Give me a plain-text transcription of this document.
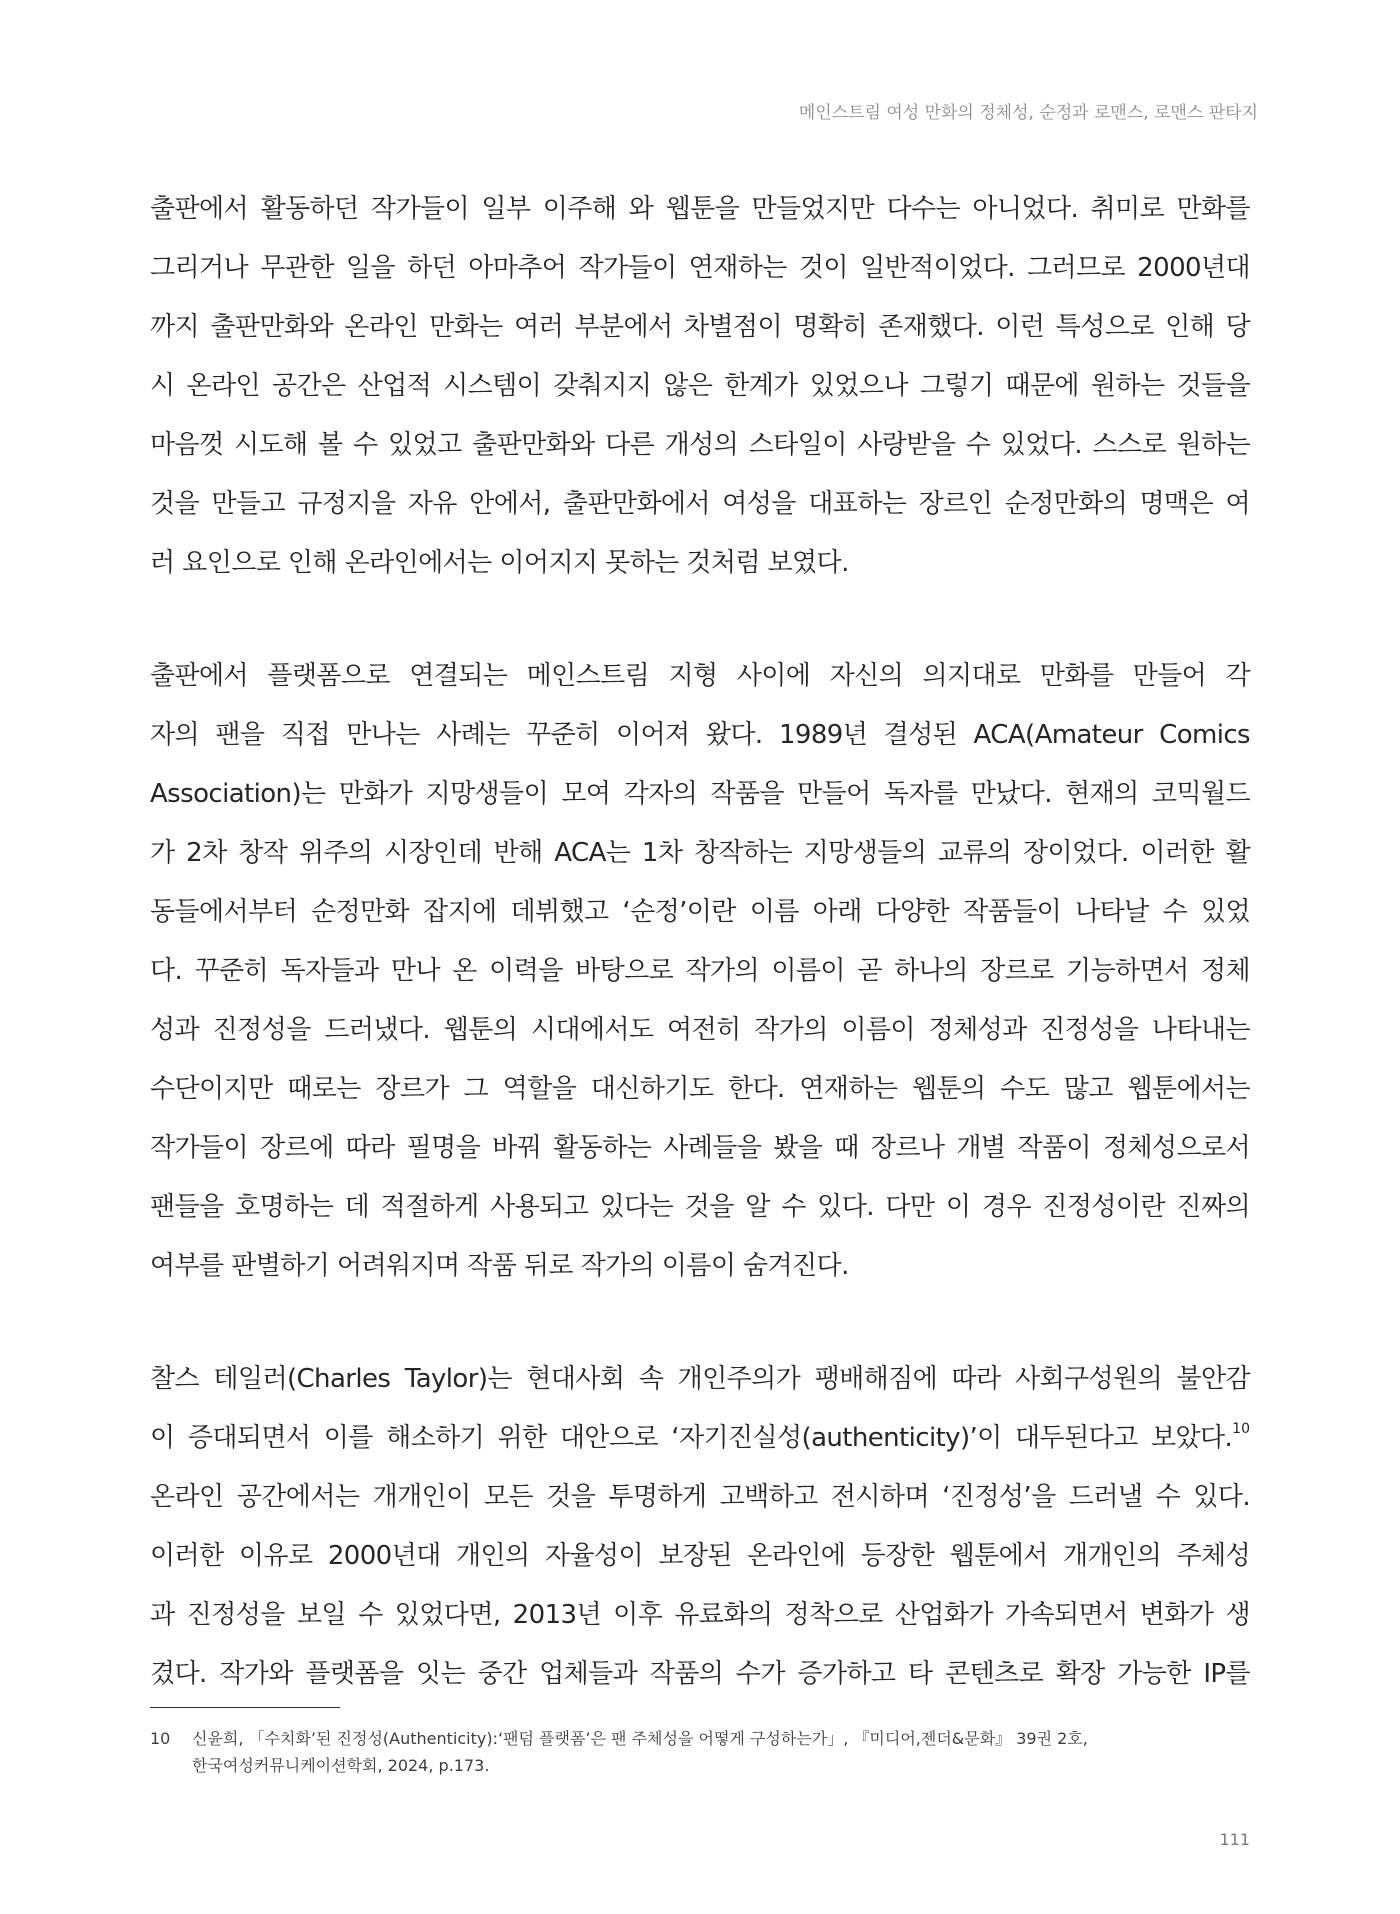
메인스트림 여성 만화의 정체성, 순정과 로맨스, 로맨스 판타지
출판에서 활동하던 작가들이 일부 이주해 와 웹툰을 만들었지만 다수는 아니었다. 취미로 만화를
그리거나 무관한 일을 하던 아마추어 작가들이 연재하는 것이 일반적이었다. 그러므로 2000년대
까지 출판만화와 온라인 만화는 여러 부분에서 차별점이 명확히 존재했다. 이런 특성으로 인해 당
시 온라인 공간은 산업적 시스템이 갖춰지지 않은 한계가 있었으나 그렇기 때문에 원하는 것들을
마음껏 시도해 볼 수 있었고 출판만화와 다른 개성의 스타일이 사랑받을 수 있었다. 스스로 원하는
것을 만들고 규정지을 자유 안에서, 출판만화에서 여성을 대표하는 장르인 순정만화의 명맥은 여
러 요인으로 인해 온라인에서는 이어지지 못하는 것처럼 보였다.
출판에서 플랫폼으로 연결되는 메인스트림 지형 사이에 자신의 의지대로 만화를 만들어 각
자의 팬을 직접 만나는 사례는 꾸준히 이어져 왔다. 1989년 결성된 ACA(Amateur Comics
Association)는 만화가 지망생들이 모여 각자의 작품을 만들어 독자를 만났다. 현재의 코믹월드
가 2차 창작 위주의 시장인데 반해 ACA는 1차 창작하는 지망생들의 교류의 장이었다. 이러한 활
동들에서부터 순정만화 잡지에 데뷔했고 ‘순정’이란 이름 아래 다양한 작품들이 나타날 수 있었
다. 꾸준히 독자들과 만나 온 이력을 바탕으로 작가의 이름이 곧 하나의 장르로 기능하면서 정체
성과 진정성을 드러냈다. 웹툰의 시대에서도 여전히 작가의 이름이 정체성과 진정성을 나타내는
수단이지만 때로는 장르가 그 역할을 대신하기도 한다. 연재하는 웹툰의 수도 많고 웹툰에서는
작가들이 장르에 따라 필명을 바꿔 활동하는 사례들을 봤을 때 장르나 개별 작품이 정체성으로서
팬들을 호명하는 데 적절하게 사용되고 있다는 것을 알 수 있다. 다만 이 경우 진정성이란 진짜의
여부를 판별하기 어려워지며 작품 뒤로 작가의 이름이 숨겨진다.
찰스 테일러(Charles Taylor)는 현대사회 속 개인주의가 팽배해짐에 따라 사회구성원의 불안감
이 증대되면서 이를 해소하기 위한 대안으로 ‘자기진실성(authenticity)’이 대두된다고 보았다.$^{10}$
온라인 공간에서는 개개인이 모든 것을 투명하게 고백하고 전시하며 ‘진정성’을 드러낼 수 있다.
이러한 이유로 2000년대 개인의 자율성이 보장된 온라인에 등장한 웹툰에서 개개인의 주체성
과 진정성을 보일 수 있었다면, 2013년 이후 유료화의 정착으로 산업화가 가속되면서 변화가 생
겼다. 작가와 플랫폼을 잇는 중간 업체들과 작품의 수가 증가하고 타 콘텐츠로 확장 가능한 IP를
10 신윤희, 「수치화’된 진정성(Authenticity):‘팬덤 플랫폼’은 팬 주체성을 어떻게 구성하는가」, 『미디어,젠더&문화』 39권 2호,
한국여성커뮤니케이션학회, 2024, p.173.
111
